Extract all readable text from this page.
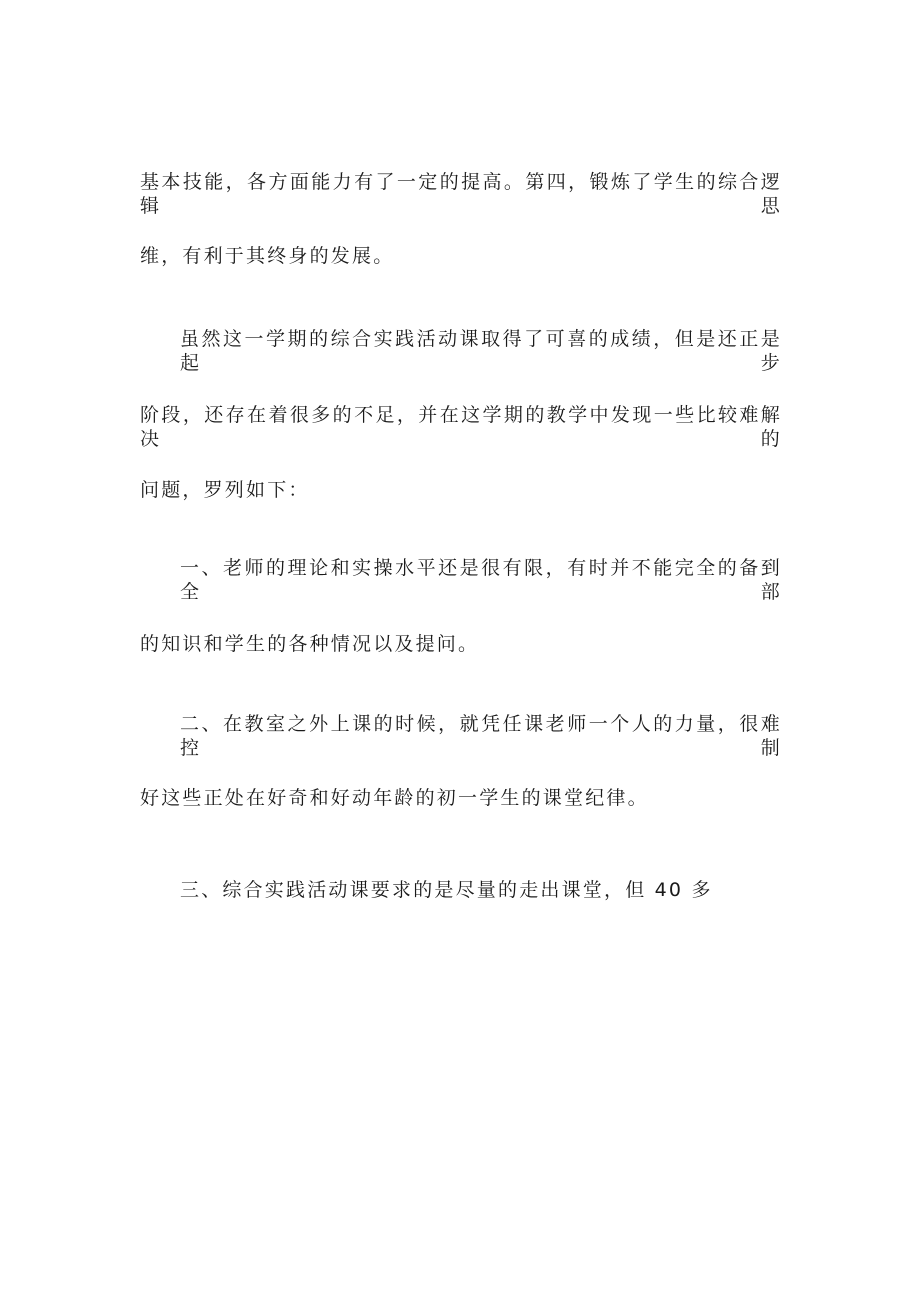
基本技能，各方面能力有了一定的提高。第四，锻炼了学生的综合逻辑思
维，有利于其终身的发展。
虽然这一学期的综合实践活动课取得了可喜的成绩，但是还正是起步
阶段，还存在着很多的不足，并在这学期的教学中发现一些比较难解决的
问题，罗列如下：
一、老师的理论和实操水平还是很有限，有时并不能完全的备到全部
的知识和学生的各种情况以及提问。
二、在教室之外上课的时候，就凭任课老师一个人的力量，很难控制
好这些正处在好奇和好动年龄的初一学生的课堂纪律。
三、综合实践活动课要求的是尽量的走出课堂，但 40 多
